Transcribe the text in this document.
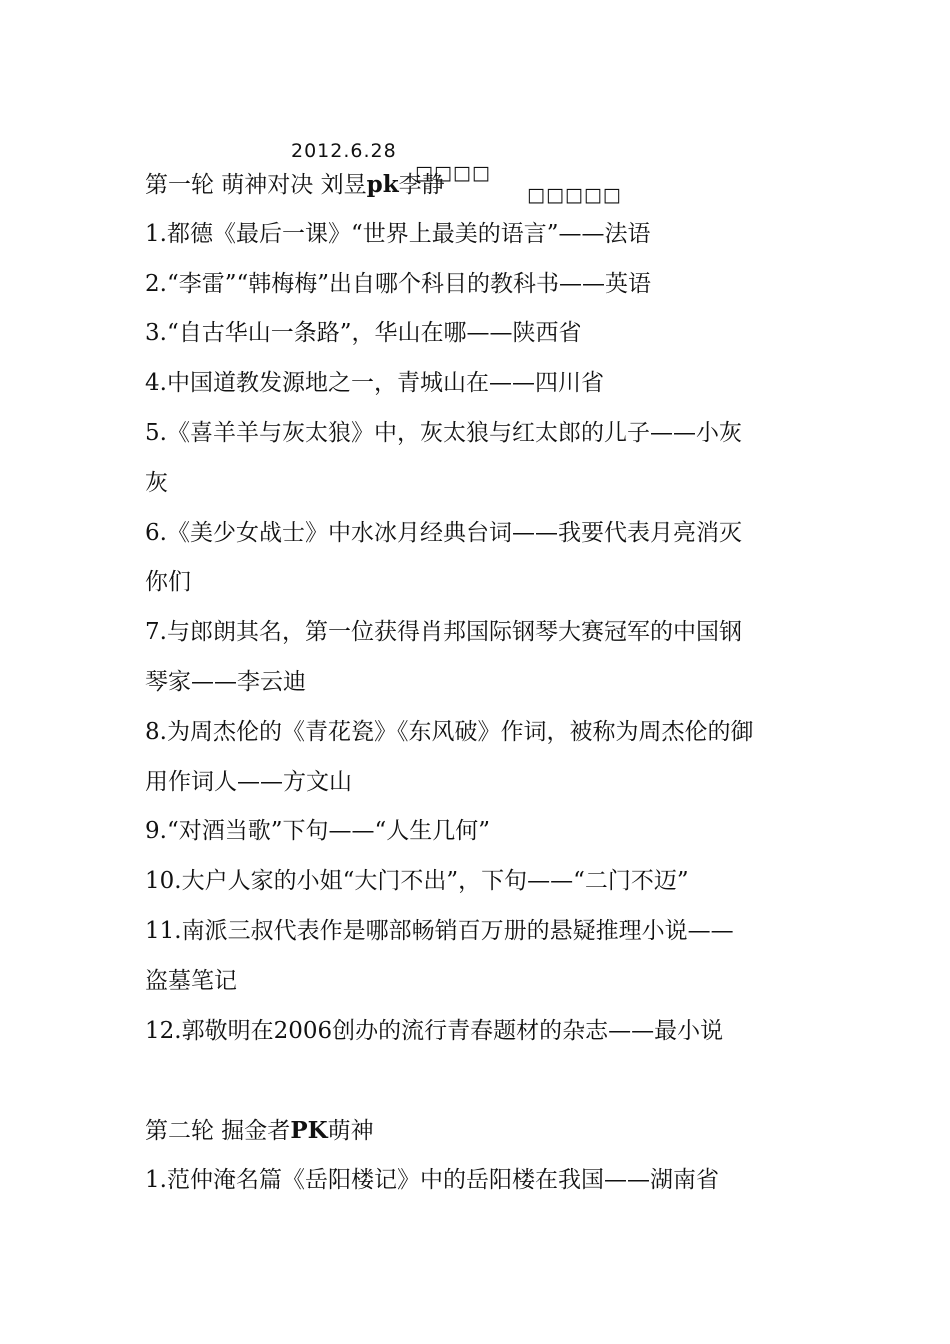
2012.6.28

□□□□

□□□□□

第一轮 萌神对决 刘昱pk李静
1.都德《最后一课》“世界上最美的语言”——法语
2.“李雷”“韩梅梅”出自哪个科目的教科书——英语
3.“自古华山一条路”，华山在哪——陕西省
4.中国道教发源地之一，青城山在——四川省
5.《喜羊羊与灰太狼》中，灰太狼与红太郎的儿子——小灰
灰
6.《美少女战士》中水冰月经典台词——我要代表月亮消灭
你们
7.与郎朗其名，第一位获得肖邦国际钢琴大赛冠军的中国钢
琴家——李云迪
8.为周杰伦的《青花瓷》《东风破》作词，被称为周杰伦的御
用作词人——方文山
9.“对酒当歌”下句——“人生几何”
10.大户人家的小姐“大门不出”，下句——“二门不迈”
11.南派三叔代表作是哪部畅销百万册的悬疑推理小说——
盗墓笔记
12.郭敬明在2006创办的流行青春题材的杂志——最小说
第二轮 掘金者PK萌神
1.范仲淹名篇《岳阳楼记》中的岳阳楼在我国——湖南省
